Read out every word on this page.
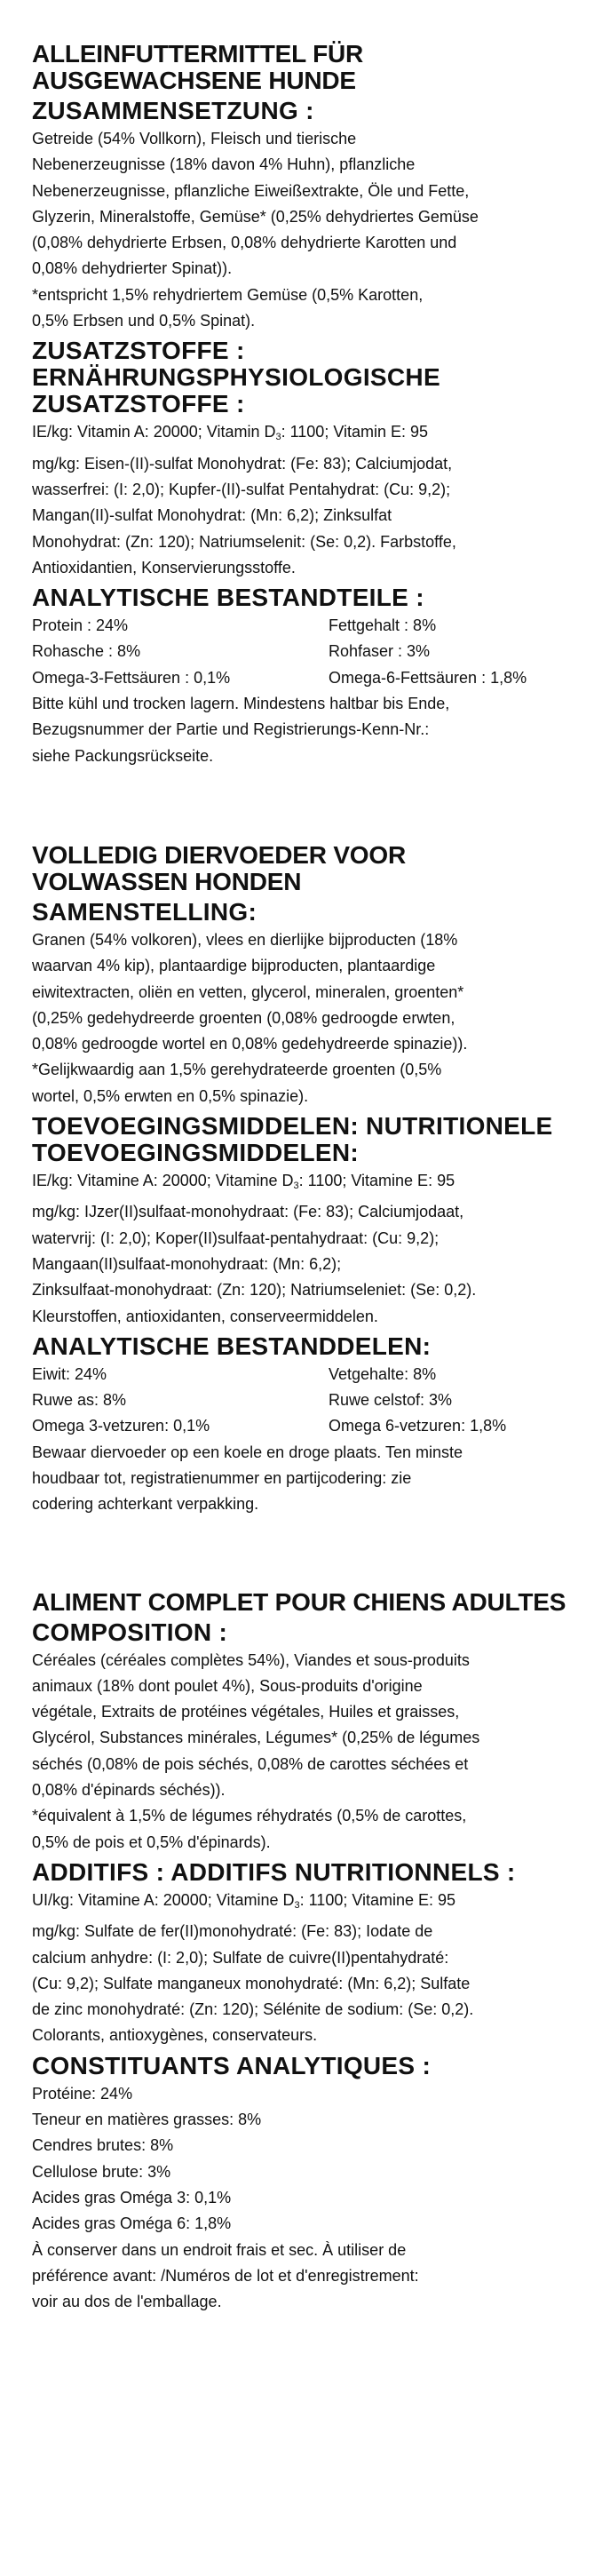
ALLEINFUTTERMITTEL FÜR
AUSGEWACHSENE HUNDE
ZUSAMMENSETZUNG :
Getreide (54% Vollkorn), Fleisch und tierische
Nebenerzeugnisse (18% davon 4% Huhn), pflanzliche
Nebenerzeugnisse, pflanzliche Eiweißextrakte, Öle und Fette,
Glyzerin, Mineralstoffe, Gemüse* (0,25% dehydriertes Gemüse
(0,08% dehydrierte Erbsen, 0,08% dehydrierte Karotten und
0,08% dehydrierter Spinat)).
*entspricht 1,5% rehydriertem Gemüse (0,5% Karotten,
0,5% Erbsen und 0,5% Spinat).
ZUSATZSTOFFE :
ERNÄHRUNGSPHYSIOLOGISCHE
ZUSATZSTOFFE :
IE/kg: Vitamin A: 20000; Vitamin $D_3$: 1100; Vitamin E: 95
mg/kg: Eisen-(II)-sulfat Monohydrat: (Fe: 83); Calciumjodat,
wasserfrei: (I: 2,0); Kupfer-(II)-sulfat Pentahydrat: (Cu: 9,2);
Mangan(II)-sulfat Monohydrat: (Mn: 6,2); Zinksulfat
Monohydrat: (Zn: 120); Natriumselenit: (Se: 0,2). Farbstoffe,
Antioxidantien, Konservierungsstoffe.
ANALYTISCHE BESTANDTEILE :
Protein : 24%	Fettgehalt : 8%
Rohasche : 8%	Rohfaser : 3%
Omega-3-Fettsäuren : 0,1%	Omega-6-Fettsäuren : 1,8%
Bitte kühl und trocken lagern. Mindestens haltbar bis Ende,
Bezugsnummer der Partie und Registrierungs-Kenn-Nr.:
siehe Packungsrückseite.
VOLLEDIG DIERVOEDER VOOR
VOLWASSEN HONDEN
SAMENSTELLING:
Granen (54% volkoren), vlees en dierlijke bijproducten (18%
waarvan 4% kip), plantaardige bijproducten, plantaardige
eiwitextracten, oliën en vetten, glycerol, mineralen, groenten*
(0,25% gedehydreerde groenten (0,08% gedroogde erwten,
0,08% gedroogde wortel en 0,08% gedehydreerde spinazie)).
*Gelijkwaardig aan 1,5% gerehydrateerde groenten (0,5%
wortel, 0,5% erwten en 0,5% spinazie).
TOEVOEGINGSMIDDELEN: NUTRITIONELE
TOEVOEGINGSMIDDELEN:
IE/kg: Vitamine A: 20000; Vitamine $D_3$: 1100; Vitamine E: 95
mg/kg: IJzer(II)sulfaat-monohydraat: (Fe: 83); Calciumjodaat,
watervrij: (I: 2,0); Koper(II)sulfaat-pentahydraat: (Cu: 9,2);
Mangaan(II)sulfaat-monohydraat: (Mn: 6,2);
Zinksulfaat-monohydraat: (Zn: 120); Natriumseleniet: (Se: 0,2).
Kleurstoffen, antioxidanten, conserveermiddelen.
ANALYTISCHE BESTANDDELEN:
Eiwit: 24%	Vetgehalte: 8%
Ruwe as: 8%	Ruwe celstof: 3%
Omega 3-vetzuren: 0,1%	Omega 6-vetzuren: 1,8%
Bewaar diervoeder op een koele en droge plaats. Ten minste
houdbaar tot, registratienummer en partijcodering: zie
codering achterkant verpakking.
ALIMENT COMPLET POUR CHIENS ADULTES
COMPOSITION :
Céréales (céréales complètes 54%), Viandes et sous-produits
animaux (18% dont poulet 4%), Sous-produits d'origine
végétale, Extraits de protéines végétales, Huiles et graisses,
Glycérol, Substances minérales, Légumes* (0,25% de légumes
séchés (0,08% de pois séchés, 0,08% de carottes séchées et
0,08% d'épinards séchés)).
*équivalent à 1,5% de légumes réhydratés (0,5% de carottes,
0,5% de pois et 0,5% d'épinards).
ADDITIFS : ADDITIFS NUTRITIONNELS :
UI/kg: Vitamine A: 20000; Vitamine $D_3$: 1100; Vitamine E: 95
mg/kg: Sulfate de fer(II)monohydraté: (Fe: 83); Iodate de
calcium anhydre: (I: 2,0); Sulfate de cuivre(II)pentahydraté:
(Cu: 9,2); Sulfate manganeux monohydraté: (Mn: 6,2); Sulfate
de zinc monohydraté: (Zn: 120); Sélénite de sodium: (Se: 0,2).
Colorants, antioxygènes, conservateurs.
CONSTITUANTS ANALYTIQUES :
Protéine: 24%
Teneur en matières grasses: 8%
Cendres brutes: 8%
Cellulose brute: 3%
Acides gras Oméga 3: 0,1%
Acides gras Oméga 6: 1,8%
À conserver dans un endroit frais et sec. À utiliser de
préférence avant: /Numéros de lot et d'enregistrement:
voir au dos de l'emballage.
